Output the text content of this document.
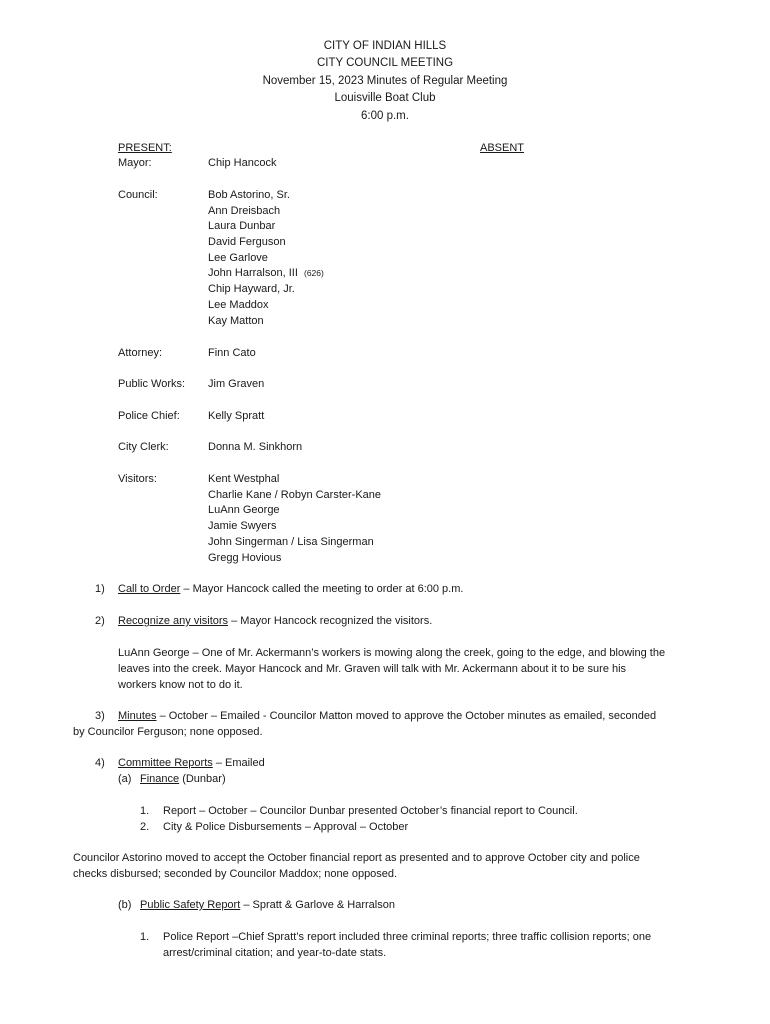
CITY OF INDIAN HILLS
CITY COUNCIL MEETING
November 15, 2023 Minutes of Regular Meeting
Louisville Boat Club
6:00 p.m.
PRESENT:	ABSENT
Mayor:	Chip Hancock
Council:	Bob Astorino, Sr.
Ann Dreisbach
Laura Dunbar
David Ferguson
Lee Garlove
John Harralson, III (626)
Chip Hayward, Jr.
Lee Maddox
Kay Matton
Attorney:	Finn Cato
Public Works: Jim Graven
Police Chief:	Kelly Spratt
City Clerk:	Donna M. Sinkhorn
Visitors:	Kent Westphal
Charlie Kane / Robyn Carster-Kane
LuAnn George
Jamie Swyers
John Singerman / Lisa Singerman
Gregg Hovious
1) Call to Order – Mayor Hancock called the meeting to order at 6:00 p.m.
2) Recognize any visitors – Mayor Hancock recognized the visitors.
LuAnn George – One of Mr. Ackermann’s workers is mowing along the creek, going to the edge, and blowing the
leaves into the creek. Mayor Hancock and Mr. Graven will talk with Mr. Ackermann about it to be sure his
workers know not to do it.
3) Minutes – October – Emailed - Councilor Matton moved to approve the October minutes as emailed, seconded
by Councilor Ferguson; none opposed.
4) Committee Reports – Emailed
(a) Finance (Dunbar)
1. Report – October – Councilor Dunbar presented October’s financial report to Council.
2. City & Police Disbursements – Approval – October
Councilor Astorino moved to accept the October financial report as presented and to approve October city and police
checks disbursed; seconded by Councilor Maddox; none opposed.
(b) Public Safety Report – Spratt & Garlove & Harralson
1. Police Report –Chief Spratt’s report included three criminal reports; three traffic collision reports; one
arrest/criminal citation; and year-to-date stats.
